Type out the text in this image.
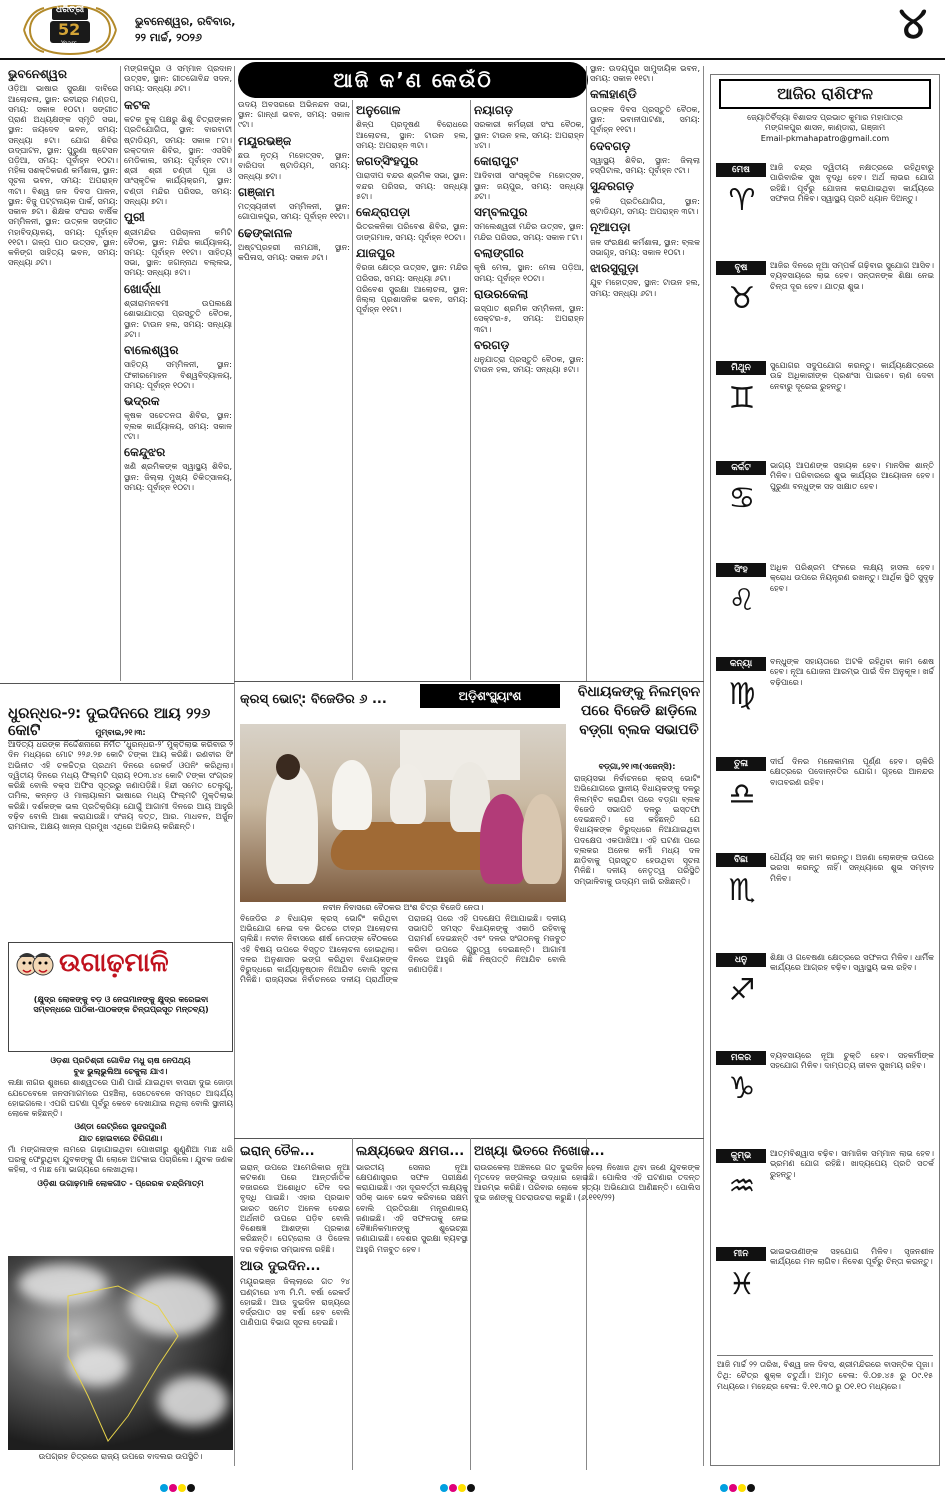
ଧରିତ୍ରୀ
52
Years
ଭୁବନେଶ୍ୱର, ରବିବାର,
୨୨ ମାର୍ଚ୍ଚ, ୨୦୨୬	୪
ଆଜି କ’ଣ କେଉଁଠି
ଭୁବନେଶ୍ୱର

ଓଡ଼ିଆ ଭାଷାର ସୁରକ୍ଷା ଦାବିରେ ଆଲୋଚନା, ସ୍ଥାନ: ରବୀନ୍ଦ୍ର ମଣ୍ଡପ, ସମୟ: ସକାଳ ୧୦ଟା। ସଙ୍ଗୀତ ପ୍ରାଣ ଅଧ୍ୟକ୍ଷଙ୍କ ସ୍ମୃତି ସଭା, ସ୍ଥାନ: ଜୟଦେବ ଭବନ, ସମୟ: ସନ୍ଧ୍ୟା ୫ଟା। ଯୋଗ ଶିବିର ଉଦ୍‌ଘାଟନ, ସ୍ଥାନ: ପୁରୁଣା ଷ୍ଟେସନ ପଡ଼ିଆ, ସମୟ: ପୂର୍ବାହ୍ନ ୧୦ଟା। ମହିଳା ସଶକ୍ତିକରଣ କର୍ମଶାଳା, ସ୍ଥାନ: ସୂଚନା ଭବନ, ସମୟ: ଅପରାହ୍ନ ୩ଟା। ବିଶ୍ୱ ଜଳ ଦିବସ ପାଳନ, ସ୍ଥାନ: ବିଜୁ ପଟ୍ଟନାୟକ ପାର୍କ, ସମୟ: ସକାଳ ୭ଟା। ଶିକ୍ଷକ ସଂଘର ବାର୍ଷିକ ସମ୍ମିଳନୀ, ସ୍ଥାନ: ଉତ୍କଳ ସଙ୍ଗୀତ ମହାବିଦ୍ୟାଳୟ, ସମୟ: ପୂର୍ବାହ୍ନ ୧୧ଟା। ଗଳ୍ପ ପାଠ ଉତ୍ସବ, ସ୍ଥାନ: କଳିଙ୍ଗ ସାହିତ୍ୟ ଭବନ, ସମୟ: ସନ୍ଧ୍ୟା ୬ଟା।

ମଙ୍ଗଳପୁର ଓ ସମ୍ମାନ ପ୍ରଦାନ ଉତ୍ସବ, ସ୍ଥାନ: ଗୀତଗୋବିନ୍ଦ ସଦନ, ସମୟ: ସନ୍ଧ୍ୟା ୬ଟା।

କଟକ

କଟକ ବୁକ୍ ପକ୍ଷରୁ ଶିଶୁ ଚିତ୍ରାଙ୍କନ ପ୍ରତିଯୋଗିତା, ସ୍ଥାନ: ବାରବାଟୀ ଷ୍ଟାଡିୟମ, ସମୟ: ସକାଳ ୮ଟା। ରକ୍ତଦାନ ଶିବିର, ସ୍ଥାନ: ଏସସିବି ମେଡିକାଲ, ସମୟ: ପୂର୍ବାହ୍ନ ୯ଟା। ଶ୍ରୀ ଶ୍ରୀ ଚଣ୍ଡୀ ପୂଜା ଓ ସାଂସ୍କୃତିକ କାର୍ଯ୍ୟକ୍ରମ, ସ୍ଥାନ: ଚଣ୍ଡୀ ମନ୍ଦିର ପରିସର, ସମୟ: ସନ୍ଧ୍ୟା ୭ଟା।

ପୁରୀ

ଶ୍ରୀମନ୍ଦିର ପରିଚାଳନା କମିଟି ବୈଠକ, ସ୍ଥାନ: ମନ୍ଦିର କାର୍ଯ୍ୟାଳୟ, ସମୟ: ପୂର୍ବାହ୍ନ ୧୧ଟା। ସାହିତ୍ୟ ସଭା, ସ୍ଥାନ: ଜଗନ୍ନାଥ ବଲ୍ଲଭ, ସମୟ: ସନ୍ଧ୍ୟା ୫ଟା।

ଖୋର୍ଦ୍ଧା

ଶ୍ରୀରାମନବମୀ ଉପଲକ୍ଷେ ଶୋଭାଯାତ୍ରା ପ୍ରସ୍ତୁତି ବୈଠକ, ସ୍ଥାନ: ଟାଉନ ହଲ, ସମୟ: ସନ୍ଧ୍ୟା ୬ଟା।

ବାଲେଶ୍ୱର

ସାହିତ୍ୟ ସମ୍ମିଳନୀ, ସ୍ଥାନ: ଫକୀରମୋହନ ବିଶ୍ୱବିଦ୍ୟାଳୟ, ସମୟ: ପୂର୍ବାହ୍ନ ୧୦ଟା।

ଭଦ୍ରକ

କୃଷକ ସଚେତନତା ଶିବିର, ସ୍ଥାନ: ବ୍ଲକ କାର୍ଯ୍ୟାଳୟ, ସମୟ: ସକାଳ ୯ଟା।

କେନ୍ଦୁଝର

ଖଣି ଶ୍ରମିକଙ୍କ ସ୍ୱାସ୍ଥ୍ୟ ଶିବିର, ସ୍ଥାନ: ଜିଲ୍ଲା ମୁଖ୍ୟ ଚିକିତ୍ସାଳୟ, ସମୟ: ପୂର୍ବାହ୍ନ ୧୦ଟା।

ଉଦୟ ଅବସରରେ ଅଭିନନ୍ଦନ ସଭା, ସ୍ଥାନ: ଗାନ୍ଧୀ ଭବନ, ସମୟ: ସକାଳ ୯ଟା।

ମୟୂରଭଞ୍ଜ

ଛଉ ନୃତ୍ୟ ମହୋତ୍ସବ, ସ୍ଥାନ: ବାରିପଦା ଷ୍ଟାଡିୟମ, ସମୟ: ସନ୍ଧ୍ୟା ୭ଟା।

ଗଞ୍ଜାମ

ମତ୍ସ୍ୟଜୀବୀ ସମ୍ମିଳନୀ, ସ୍ଥାନ: ଗୋପାଳପୁର, ସମୟ: ପୂର୍ବାହ୍ନ ୧୧ଟା।

ଢେଙ୍କାନାଳ

ଅଷ୍ଟପ୍ରହରୀ ନାମଯଜ୍ଞ, ସ୍ଥାନ: କପିଳାସ, ସମୟ: ସକାଳ ୬ଟା।

ଅନୁଗୋଳ

ଶିଳ୍ପ ପ୍ରଦୂଷଣ ବିରୋଧରେ ଆଲୋଚନା, ସ୍ଥାନ: ଟାଉନ ହଲ, ସମୟ: ଅପରାହ୍ନ ୩ଟା।

ଜଗତ୍‌ସିଂହପୁର

ପାରାଦୀପ ବନ୍ଦର ଶ୍ରମିକ ସଭା, ସ୍ଥାନ: ବନ୍ଦର ପରିସର, ସମୟ: ସନ୍ଧ୍ୟା ୫ଟା।

କେନ୍ଦ୍ରାପଡ଼ା

ଭିତରକନିକା ପରିବେଶ ଶିବିର, ସ୍ଥାନ: ଡାଙ୍ଗମାଳ, ସମୟ: ପୂର୍ବାହ୍ନ ୧୦ଟା।

ଯାଜପୁର

ବିରଜା କ୍ଷେତ୍ର ଉତ୍ସବ, ସ୍ଥାନ: ମନ୍ଦିର ପରିସର, ସମୟ: ସନ୍ଧ୍ୟା ୬ଟା।

ପରିବେଶ ସୁରକ୍ଷା ଆଲୋଚନା, ସ୍ଥାନ: ଜିଲ୍ଲା ପ୍ରଶାସନିକ ଭବନ, ସମୟ: ପୂର୍ବାହ୍ନ ୧୧ଟା।

ନୟାଗଡ଼

ସରକାରୀ କର୍ମଚାରୀ ସଂଘ ବୈଠକ, ସ୍ଥାନ: ଟାଉନ ହଲ, ସମୟ: ଅପରାହ୍ନ ୪ଟା।

କୋରାପୁଟ

ଆଦିବାସୀ ସାଂସ୍କୃତିକ ମହୋତ୍ସବ, ସ୍ଥାନ: ଜୟପୁର, ସମୟ: ସନ୍ଧ୍ୟା ୬ଟା।

ସମ୍ବଲପୁର

ସମଲେଶ୍ୱରୀ ମନ୍ଦିର ଉତ୍ସବ, ସ୍ଥାନ: ମନ୍ଦିର ପରିସର, ସମୟ: ସକାଳ ୮ଟା।

ବଲାଙ୍ଗୀର

କୃଷି ମେଳା, ସ୍ଥାନ: ମେଳା ପଡ଼ିଆ, ସମୟ: ପୂର୍ବାହ୍ନ ୧୦ଟା।

ରାଉରକେଲା

ଇସ୍ପାତ ଶ୍ରମିକ ସମ୍ମିଳନୀ, ସ୍ଥାନ: ସେକ୍ଟର-୫, ସମୟ: ଅପରାହ୍ନ ୩ଟା।

ବରଗଡ଼

ଧନୁଯାତ୍ରା ପ୍ରସ୍ତୁତି ବୈଠକ, ସ୍ଥାନ: ଟାଉନ ହଲ, ସମୟ: ସନ୍ଧ୍ୟା ୫ଟା।

ସ୍ଥାନ: ଉଦୟପୁର ସାମୁଦାୟିକ ଭବନ, ସମୟ: ସକାଳ ୧୧ଟା।

କଳାହାଣ୍ଡି

ଉତ୍କଳ ଦିବସ ପ୍ରସ୍ତୁତି ବୈଠକ, ସ୍ଥାନ: ଭବାନୀପାଟଣା, ସମୟ: ପୂର୍ବାହ୍ନ ୧୧ଟା।

ଦେବଗଡ଼

ସ୍ୱାସ୍ଥ୍ୟ ଶିବିର, ସ୍ଥାନ: ଜିଲ୍ଲା ହସ୍ପିଟାଲ, ସମୟ: ପୂର୍ବାହ୍ନ ୯ଟା।

ସୁନ୍ଦରଗଡ଼

ହକି ପ୍ରତିଯୋଗିତା, ସ୍ଥାନ: ଷ୍ଟାଡିୟମ, ସମୟ: ଅପରାହ୍ନ ୩ଟା।

ନୂଆପଡ଼ା

ଜଳ ସଂରକ୍ଷଣ କର୍ମଶାଳା, ସ୍ଥାନ: ବ୍ଲକ ସଭାଗୃହ, ସମୟ: ସକାଳ ୧୦ଟା।

ଝାରସୁଗୁଡ଼ା

ଯୁବ ମହୋତ୍ସବ, ସ୍ଥାନ: ଟାଉନ ହଲ, ସମୟ: ସନ୍ଧ୍ୟା ୬ଟା।

ଆଜିର ରାଶିଫଳ
ଜ୍ୟୋତିର୍ବିଦ୍ୟା ବିଶାରଦ ପ୍ରଭାତ କୁମାର ମହାପାତ୍ର
ମଙ୍ଗଳପୁର ଶାସନ, କାଣ୍ଡାରା, ଗଞ୍ଜାମ
Email-pkmahapatro@gmail.com
ମେଷ
♈
ଆଜି ଚନ୍ଦ୍ର ଦ୍ୱିତୀୟ ନକ୍ଷତ୍ରରେ ରହିଥିବାରୁ ପାରିବାରିକ ସୁଖ ବୃଦ୍ଧି ହେବ। ଅର୍ଥ ଲାଭର ଯୋଗ ରହିଛି। ପୂର୍ବରୁ ଯୋଜନା କରାଯାଇଥିବା କାର୍ଯ୍ୟରେ ସଫଳତା ମିଳିବ। ସ୍ୱାସ୍ଥ୍ୟ ପ୍ରତି ଧ୍ୟାନ ଦିଅନ୍ତୁ।
ବୃଷ
♉
ଆଜିର ଦିନରେ ନୂଆ ସମ୍ପର୍କ ଗଢ଼ିବାର ସୁଯୋଗ ଆସିବ। ବ୍ୟବସାୟରେ ଲାଭ ହେବ। ସନ୍ତାନଙ୍କ ଶିକ୍ଷା ନେଇ ଚିନ୍ତା ଦୂର ହେବ। ଯାତ୍ରା ଶୁଭ।
ମିଥୁନ
♊
ସୁଯୋଗର ସଦୁପଯୋଗ କରନ୍ତୁ। କାର୍ଯ୍ୟକ୍ଷେତ୍ରରେ ଉଚ୍ଚ ଅଧିକାରୀଙ୍କ ପ୍ରଶଂସା ପାଇବେ। ଋଣ ଦେବା ନେବାରୁ ଦୂରେଇ ରୁହନ୍ତୁ।
କର୍କଟ
♋
ଭାଗ୍ୟ ଆପଣଙ୍କ ସହାୟକ ହେବ। ମାନସିକ ଶାନ୍ତି ମିଳିବ। ପରିବାରରେ ଶୁଭ କାର୍ଯ୍ୟର ଆୟୋଜନ ହେବ। ପୁରୁଣା ବନ୍ଧୁଙ୍କ ସହ ସାକ୍ଷାତ ହେବ।
ସିଂହ
♌
ଅଧିକ ପରିଶ୍ରମ ଫଳରେ ଲକ୍ଷ୍ୟ ହାସଲ ହେବ। କ୍ରୋଧ ଉପରେ ନିୟନ୍ତ୍ରଣ ରଖନ୍ତୁ। ଆର୍ଥିକ ସ୍ଥିତି ସୁଦୃଢ଼ ହେବ।
କନ୍ୟା
♍
ବନ୍ଧୁଙ୍କ ସହାୟତାରେ ଅଟକି ରହିଥିବା କାମ ଶେଷ ହେବ। ନୂଆ ଯୋଜନା ଆରମ୍ଭ ପାଇଁ ଦିନ ଅନୁକୂଳ। ଖର୍ଚ୍ଚ ବଢ଼ିପାରେ।
ତୁଳା
♎
ଦୀର୍ଘ ଦିନର ମନୋକାମନା ପୂର୍ଣ୍ଣ ହେବ। ଚାକିରି କ୍ଷେତ୍ରରେ ପଦୋନ୍ନତିର ଯୋଗ। ଗୃହରେ ଆନନ୍ଦର ବାତାବରଣ ରହିବ।
ବିଛା
♏
ଧୈର୍ଯ୍ୟ ସହ କାମ କରନ୍ତୁ। ଅଜଣା ଲୋକଙ୍କ ଉପରେ ଭରସା କରନ୍ତୁ ନାହିଁ। ସନ୍ଧ୍ୟାରେ ଶୁଭ ସମ୍ବାଦ ମିଳିବ।
ଧନୁ
♐
ଶିକ୍ଷା ଓ ଗବେଷଣା କ୍ଷେତ୍ରରେ ସଫଳତା ମିଳିବ। ଧାର୍ମିକ କାର୍ଯ୍ୟରେ ଆଗ୍ରହ ବଢ଼ିବ। ସ୍ୱାସ୍ଥ୍ୟ ଭଲ ରହିବ।
ମକର
♑
ବ୍ୟବସାୟରେ ନୂଆ ଚୁକ୍ତି ହେବ। ସହକର୍ମୀଙ୍କ ସହଯୋଗ ମିଳିବ। ଦାମ୍ପତ୍ୟ ଜୀବନ ସୁଖମୟ ରହିବ।
କୁମ୍ଭ
♒
ଆତ୍ମବିଶ୍ୱାସ ବଢ଼ିବ। ସାମାଜିକ ସମ୍ମାନ ଲାଭ ହେବ। ଭ୍ରମଣ ଯୋଗ ରହିଛି। ଖାଦ୍ୟପେୟ ପ୍ରତି ସତର୍କ ରୁହନ୍ତୁ।
ମୀନ
♓
ଭାଇଭଉଣୀଙ୍କ ସହଯୋଗ ମିଳିବ। ସୃଜନଶୀଳ କାର୍ଯ୍ୟରେ ମନ ଲାଗିବ। ନିବେଶ ପୂର୍ବରୁ ଚିନ୍ତା କରନ୍ତୁ।
ଆଜି ମାର୍ଚ୍ଚ ୨୨ ତାରିଖ, ବିଶ୍ୱ ଜଳ ଦିବସ, ଶ୍ରୀମନ୍ଦିରରେ ବାସନ୍ତିକ ପୂଜା। ତିଥି: ଚୈତ୍ର ଶୁକ୍ଳ ଚତୁର୍ଥୀ। ଅମୃତ ବେଳା: ଦି.୦୭.୪୫ ରୁ ୦୯.୧୫ ମଧ୍ୟରେ। ମହେନ୍ଦ୍ର ବେଳା: ଦି.୧୧.୩୦ ରୁ ୦୧.୧୦ ମଧ୍ୟରେ।
ଧୁରନ୍ଧର-୨: ଦୁଇଦିନରେ ଆୟ ୨୨୬ କୋଟି	ମୁମ୍ବାଇ,୨୧।୩:

ଆଦିତ୍ୟ ଧରଙ୍କ ନିର୍ଦ୍ଦେଶନାରେ ନିର୍ମିତ ‘ଧୁରନ୍ଧର-୨’ ମୁକ୍ତିଲାଭ କରିବାର ୨ ଦିନ ମଧ୍ୟରେ ମୋଟ ୨୨୬.୨୭ କୋଟି ଟଙ୍କା ଆୟ କରିଛି। ରଣବୀର ସିଂ ଅଭିନୀତ ଏହି ଚଳଚ୍ଚିତ୍ର ପ୍ରଥମ ଦିନରେ ରେକର୍ଡ ଓପନିଂ କରିଥିଲା। ଦ୍ୱିତୀୟ ଦିନରେ ମଧ୍ୟ ଫିଲ୍ମଟି ପ୍ରାୟ ୧୦୩.୪୪ କୋଟି ଟଙ୍କା ସଂଗ୍ରହ କରିଛି ବୋଲି ବକ୍ସ ଅଫିସ ସୂତ୍ରରୁ ଜଣାପଡ଼ିଛି। ହିନ୍ଦୀ ସମେତ ତେଲୁଗୁ, ତାମିଲ, କନ୍ନଡ଼ ଓ ମାଲାୟାଲମ ଭାଷାରେ ମଧ୍ୟ ଫିଲ୍ମଟି ମୁକ୍ତିଲାଭ କରିଛି। ଦର୍ଶକଙ୍କ ଭଲ ପ୍ରତିକ୍ରିୟା ଯୋଗୁଁ ଆଗାମୀ ଦିନରେ ଆୟ ଆହୁରି ବଢ଼ିବ ବୋଲି ଆଶା କରାଯାଉଛି। ସଂଜୟ ଦତ୍ତ, ଆର. ମାଧବନ, ଅର୍ଜୁନ ରାମପାଲ, ଅକ୍ଷୟ ଖାନ୍ନା ପ୍ରମୁଖ ଏଥିରେ ଅଭିନୟ କରିଛନ୍ତି।

ଉଗାଢ଼ମାଳି
(କ୍ଷୁଦ୍ର ଲୋକଙ୍କୁ ବଡ଼ ଓ ନେତାମାନଙ୍କୁ କ୍ଷୁଦ୍ର କରେଇବା ସମ୍ବନ୍ଧରେ ପାଠିକା-ପାଠକଙ୍କ ଚିନ୍ତାପ୍ରସୂତ ମନ୍ତବ୍ୟ)

ଓଡ଼ଶା ପ୍ରତିଶ୍ରୀ ଗୋବିନ୍ଦ ମଧୁ ଚାଷ ନେପଥ୍ୟ

ବୁଝ ଭୁଲ୍‌ଭୁଲିଆ ଚେକୁଲା ଯାଏ।

ଲକ୍ଷା ନାଗର ଶୁଖରେ ଶାଶ୍ୱତରେ ପାଣି ପାଇଁ ଯାଇଥିବା ବାସନ୍ଦା ଦୁଇ ଜୋଡ଼ା ଯେତେବେଳେ ଜନସମାଗମରେ ପହଞ୍ଚିଲା, ସେତେବେଳେ ସମସ୍ତେ ଆଶ୍ଚର୍ଯ୍ୟ ହୋଇଗଲେ। ଏପରି ଘଟଣା ପୂର୍ବରୁ କେବେ ଦେଖାଯାଇ ନଥିଲା ବୋଲି ସ୍ଥାନୀୟ ଲୋକେ କହିଛନ୍ତି।

ଓଣ୍ଡା ରେଟ୍ରିରେ ସୁନ୍ଦରପୁରଣି

ଯାତ ହୋଇବାରେ ଚିରିଗଣା।

ମାଁ ମଙ୍ଗଳାଙ୍କ ନାମରେ ଗଢ଼ାଯାଇଥିବା ପୋଖରୀରୁ ଶୁଣୁଣିଆ ମାଛ ଧରି ଘରକୁ ଫେରୁଥିବା ଯୁବକଙ୍କୁ ଗାଁ ଲୋକେ ଅଟକାଇ ପଚାରିଲେ। ଯୁବକ ଜଣକ କହିଲା, ଏ ମାଛ ମୋ ଭାଗ୍ୟରେ ଲେଖାଥିଲା।

ଓଡ଼ିଶା ଉଗାଢ଼ମାଳି ଲୋକଗୀତ - ପ୍ରେରକ ଚନ୍ଦ୍ରିମାତ୍ମ

ଉପଗ୍ରହ ଚିତ୍ରରେ ରାଜ୍ୟ ଉପରେ ବାଦଲର ଉପସ୍ଥିତି।
ଅଡ଼ିଶଂସ୍ଥ୍ୟାଂଶ
କ୍ରସ୍ ଭୋଟ୍: ବିଜେଡିର ୬ ...
ନବୀନ ନିବାସରେ ବୈଠକର ଅଂଶ ଚିତ୍ର ବିଜେଡି ନେତା।

ବିଜେଡିର ୬ ବିଧାୟକ କ୍ରସ୍ ଭୋଟିଂ କରିଥିବା ଅଭିଯୋଗ ନେଇ ଦଳ ଭିତରେ ତୀବ୍ର ଆଲୋଚନା ଚାଲିଛି। ନବୀନ ନିବାସରେ ଶୀର୍ଷ ନେତାଙ୍କ ବୈଠକରେ ଏହି ବିଷୟ ଉପରେ ବିସ୍ତୃତ ଆଲୋଚନା ହୋଇଥିଲା। ଦଳର ଅନୁଶାସନ ଭଙ୍ଗ କରିଥିବା ବିଧାୟକଙ୍କ ବିରୁଦ୍ଧରେ କାର୍ଯ୍ୟାନୁଷ୍ଠାନ ନିଆଯିବ ବୋଲି ସୂଚନା ମିଳିଛି। ରାଜ୍ୟସଭା ନିର୍ବାଚନରେ ଦଳୀୟ ପ୍ରାର୍ଥୀଙ୍କ ପରାଜୟ ପରେ ଏହି ପଦକ୍ଷେପ ନିଆଯାଇଛି। ଦଳୀୟ ସଭାପତି ସମସ୍ତ ବିଧାୟକଙ୍କୁ ଏକାଠି ରହିବାକୁ ପରାମର୍ଶ ଦେଇଛନ୍ତି ଏବଂ ଦଳର ସଂଗଠନକୁ ମଜବୁତ କରିବା ଉପରେ ଗୁରୁତ୍ୱ ଦେଇଛନ୍ତି। ଆଗାମୀ ଦିନରେ ଆହୁରି କିଛି ନିଷ୍ପତ୍ତି ନିଆଯିବ ବୋଲି ଜଣାପଡ଼ିଛି।

ବିଧାୟକଙ୍କୁ ନିଲମ୍ବନ ପରେ ବିଜେଡି ଛାଡ଼ିଲେ ବଡ଼୍ଗା ବ୍ଲକ ସଭାପତି

ବଡ଼୍ଗା,୨୧।୩(ଏଜେନ୍ସି):

ରାଜ୍ୟସଭା ନିର୍ବାଚନରେ କ୍ରସ୍ ଭୋଟିଂ ଅଭିଯୋଗରେ ସ୍ଥାନୀୟ ବିଧାୟକଙ୍କୁ ଦଳରୁ ନିଲମ୍ବିତ କରାଯିବା ପରେ ବଡ଼୍ଗା ବ୍ଲକ ବିଜେଡି ସଭାପତି ଦଳରୁ ଇସ୍ତଫା ଦେଇଛନ୍ତି। ସେ କହିଛନ୍ତି ଯେ ବିଧାୟକଙ୍କ ବିରୁଦ୍ଧରେ ନିଆଯାଇଥିବା ପଦକ୍ଷେପ ଏକପାଖିଆ। ଏହି ଘଟଣା ପରେ ବ୍ଲକର ଅନେକ କର୍ମୀ ମଧ୍ୟ ଦଳ ଛାଡ଼ିବାକୁ ପ୍ରସ୍ତୁତ ହେଉଥିବା ସୂଚନା ମିଳିଛି। ଦଳୀୟ ନେତୃତ୍ୱ ପରିସ୍ଥିତି ସମ୍ଭାଳିବାକୁ ଉଦ୍ୟମ ଜାରି ରଖିଛନ୍ତି।

ଇରାନ୍ ତୈଳ...

ଇରାନ୍ ଉପରେ ଆମେରିକାର ନୂଆ କଟକଣା ପରେ ଆନ୍ତର୍ଜାତିକ ବଜାରରେ ଅଶୋଧିତ ତୈଳ ଦର ବୃଦ୍ଧି ପାଇଛି। ଏହାର ପ୍ରଭାବ ଭାରତ ସମେତ ଅନେକ ଦେଶର ଅର୍ଥନୀତି ଉପରେ ପଡ଼ିବ ବୋଲି ବିଶେଷଜ୍ଞ ଆଶଙ୍କା ପ୍ରକାଶ କରିଛନ୍ତି। ପେଟ୍ରୋଲ ଓ ଡିଜେଲ ଦର ବଢ଼ିବାର ସମ୍ଭାବନା ରହିଛି।

ଆଉ ଦୁଇଦିନ...

ମୟୂରଭଞ୍ଜ ଜିଲ୍ଲାରେ ଗତ ୨୪ ଘଣ୍ଟାରେ ୪୩ ମି.ମି. ବର୍ଷା ରେକର୍ଡ ହୋଇଛି। ଆଉ ଦୁଇଦିନ ରାଜ୍ୟରେ ବର୍ଜ୍ରପାତ ସହ ବର୍ଷା ହେବ ବୋଲି ପାଣିପାଗ ବିଭାଗ ସୂଚନା ଦେଇଛି।

ଲକ୍ଷ୍ୟଭେଦ କ୍ଷମତା...

ଭାରତୀୟ ସେନାର ନୂଆ କ୍ଷେପଣାସ୍ତ୍ରର ସଫଳ ପରୀକ୍ଷଣ କରାଯାଇଛି। ଏହା ଦୂରବର୍ତ୍ତୀ ଲକ୍ଷ୍ୟକୁ ସଠିକ୍ ଭାବେ ଭେଦ କରିବାରେ ସକ୍ଷମ ବୋଲି ପ୍ରତିରକ୍ଷା ମନ୍ତ୍ରଣାଳୟ ଜଣାଇଛି। ଏହି ସଫଳତାକୁ ନେଇ ବୈଜ୍ଞାନିକମାନଙ୍କୁ ଶୁଭେଚ୍ଛା ଜଣାଯାଇଛି। ଦେଶର ସୁରକ୍ଷା ବ୍ୟବସ୍ଥା ଆହୁରି ମଜବୁତ ହେବ।

ଅଖ୍ୟା ଭିତରେ ନିଖୋଜ...

ରାଉରକେଲା ଅଞ୍ଚଳରେ ଗତ ଦୁଇଦିନ ହେଲା ନିଖୋଜ ଥିବା ଜଣେ ଯୁବକଙ୍କ ମୃତଦେହ ଜଙ୍ଗଲରୁ ଉଦ୍ଧାର ହୋଇଛି। ପୋଲିସ ଏହି ଘଟଣାର ତଦନ୍ତ ଆରମ୍ଭ କରିଛି। ପରିବାର ଲୋକେ ହତ୍ୟା ଅଭିଯୋଗ ଆଣିଛନ୍ତି। ପୋଲିସ ଦୁଇ ଜଣଙ୍କୁ ପଚରାଉଚରା କରୁଛି। (୬.୧୧୧/୨୨)
